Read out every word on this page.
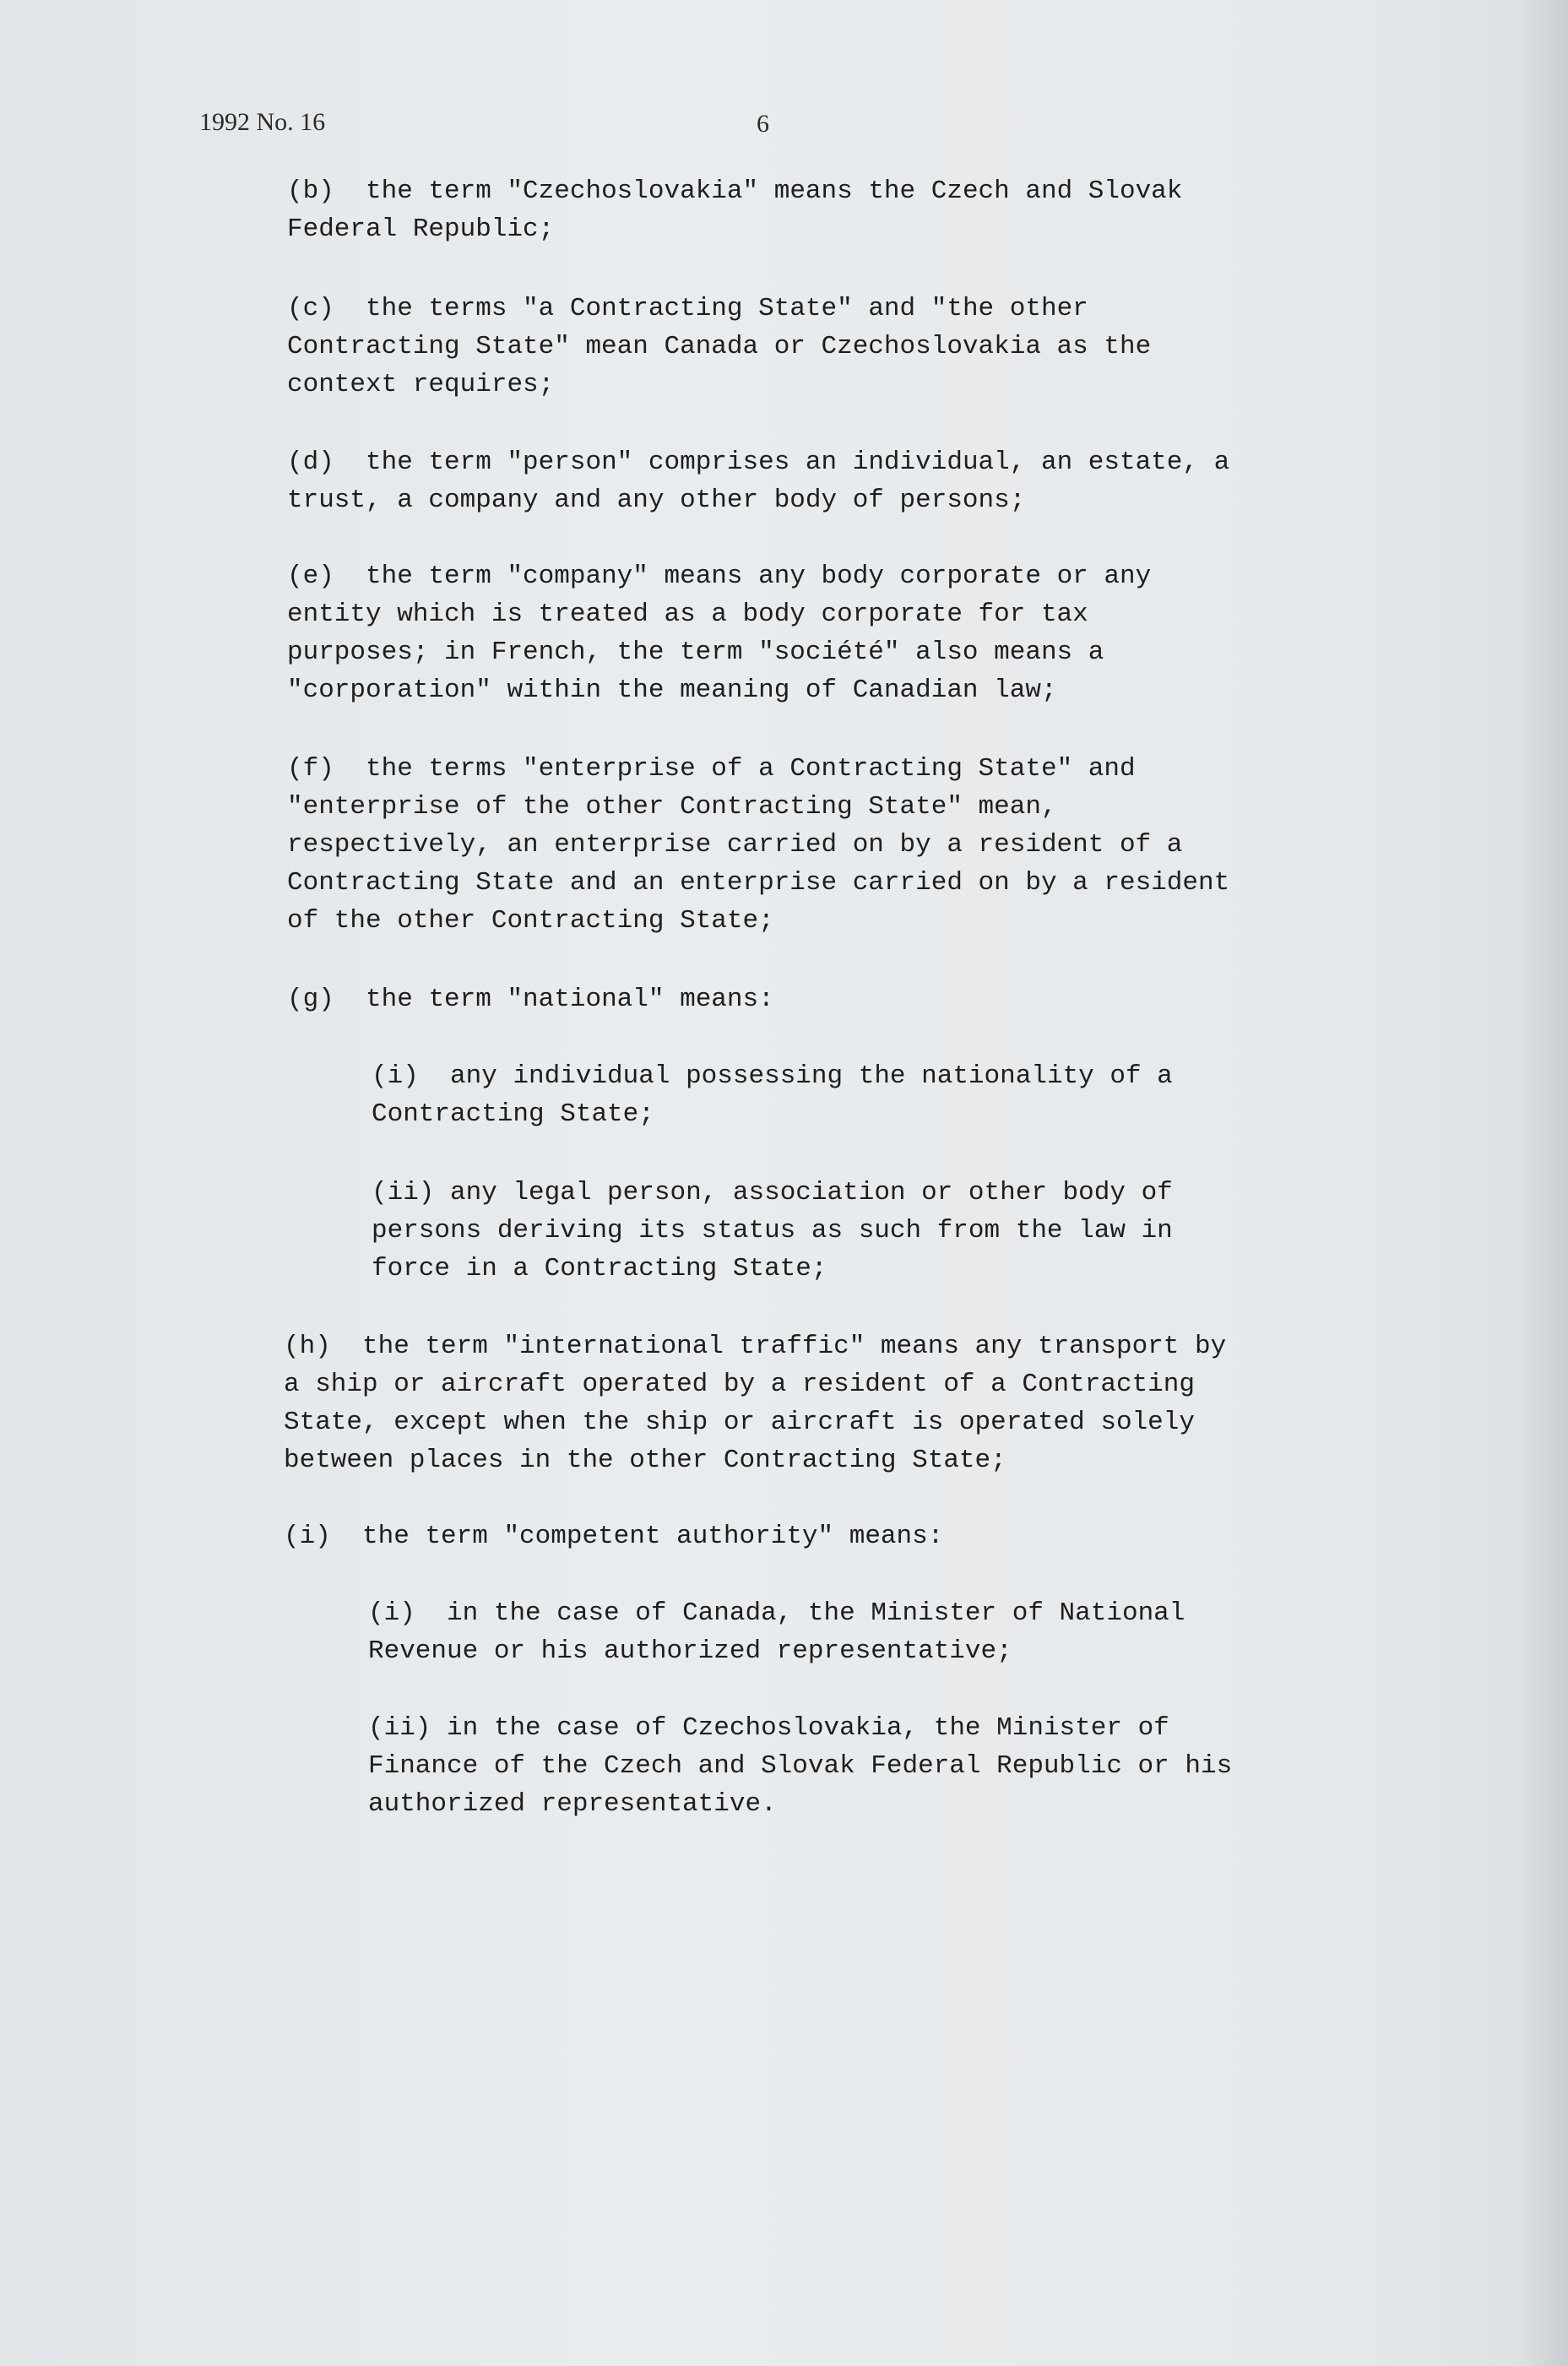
1992 No. 16	6
(b) the term "Czechoslovakia" means the Czech and Slovak
Federal Republic;
(c) the terms "a Contracting State" and "the other
Contracting State" mean Canada or Czechoslovakia as the
context requires;
(d) the term "person" comprises an individual, an estate, a
trust, a company and any other body of persons;
(e) the term "company" means any body corporate or any
entity which is treated as a body corporate for tax
purposes; in French, the term "société" also means a
"corporation" within the meaning of Canadian law;
(f) the terms "enterprise of a Contracting State" and
"enterprise of the other Contracting State" mean,
respectively, an enterprise carried on by a resident of a
Contracting State and an enterprise carried on by a resident
of the other Contracting State;
(g) the term "national" means:
(i) any individual possessing the nationality of a
Contracting State;
(ii) any legal person, association or other body of
persons deriving its status as such from the law in
force in a Contracting State;
(h) the term "international traffic" means any transport by
a ship or aircraft operated by a resident of a Contracting
State, except when the ship or aircraft is operated solely
between places in the other Contracting State;
(i) the term "competent authority" means:
(i) in the case of Canada, the Minister of National
Revenue or his authorized representative;
(ii) in the case of Czechoslovakia, the Minister of
Finance of the Czech and Slovak Federal Republic or his
authorized representative.
